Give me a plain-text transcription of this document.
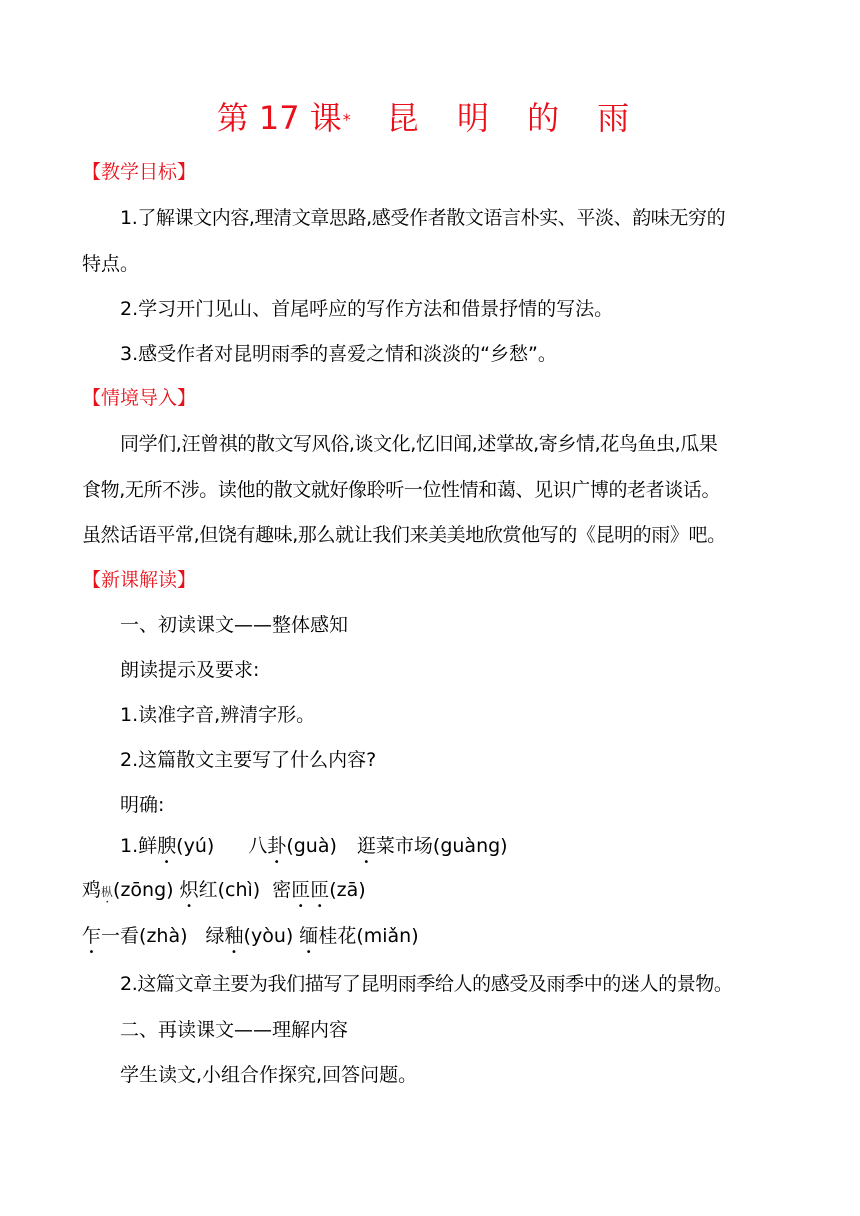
第 17 课* 昆 明 的 雨
【教学目标】
1.了解课文内容,理清文章思路,感受作者散文语言朴实、平淡、韵味无穷的
特点。
2.学习开门见山、首尾呼应的写作方法和借景抒情的写法。
3.感受作者对昆明雨季的喜爱之情和淡淡的“乡愁”。
【情境导入】
同学们,汪曾祺的散文写风俗,谈文化,忆旧闻,述掌故,寄乡情,花鸟鱼虫,瓜果
食物,无所不涉。读他的散文就好像聆听一位性情和蔼、见识广博的老者谈话。
虽然话语平常,但饶有趣味,那么就让我们来美美地欣赏他写的《昆明的雨》吧。
【新课解读】
一、初读课文——整体感知
朗读提示及要求:
1.读准字音,辨清字形。
2.这篇散文主要写了什么内容?
明确:
1.鲜腴(yú) 八卦(guà) 逛菜市场(guàng)
鸡枞(zōng) 炽红(chì) 密匝匝(zā)
乍一看(zhà) 绿釉(yòu) 缅桂花(miǎn)
2.这篇文章主要为我们描写了昆明雨季给人的感受及雨季中的迷人的景物。
二、再读课文——理解内容
学生读文,小组合作探究,回答问题。
